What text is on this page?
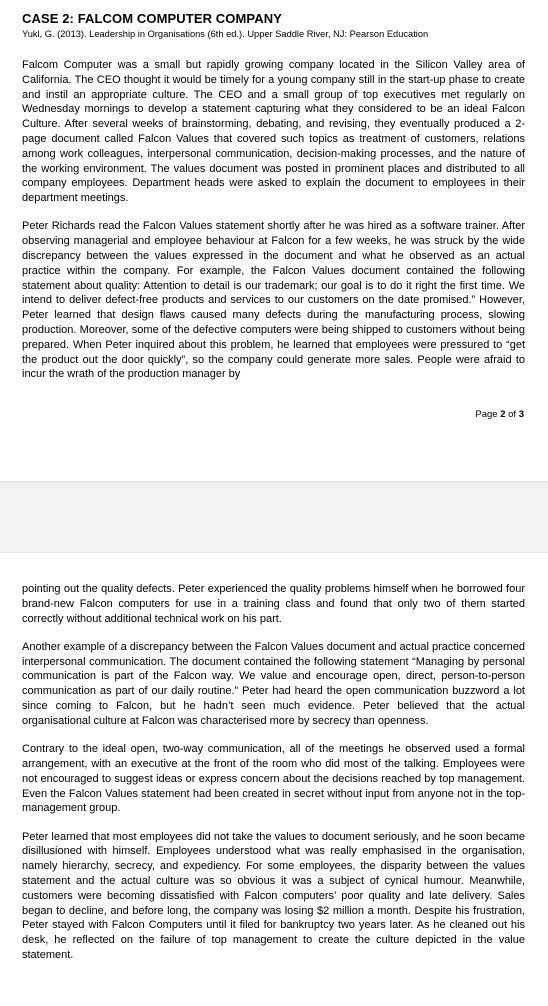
CASE 2: FALCOM COMPUTER COMPANY
Yukl, G. (2013). Leadership in Organisations (6th ed.). Upper Saddle River, NJ: Pearson Education

Falcom Computer was a small but rapidly growing company located in the Silicon Valley area of California. The CEO thought it would be timely for a young company still in the start-up phase to create and instil an appropriate culture. The CEO and a small group of top executives met regularly on Wednesday mornings to develop a statement capturing what they considered to be an ideal Falcon Culture. After several weeks of brainstorming, debating, and revising, they eventually produced a 2-page document called Falcon Values that covered such topics as treatment of customers, relations among work colleagues, interpersonal communication, decision-making processes, and the nature of the working environment. The values document was posted in prominent places and distributed to all company employees. Department heads were asked to explain the document to employees in their department meetings.

Peter Richards read the Falcon Values statement shortly after he was hired as a software trainer. After observing managerial and employee behaviour at Falcon for a few weeks, he was struck by the wide discrepancy between the values expressed in the document and what he observed as an actual practice within the company. For example, the Falcon Values document contained the following statement about quality: Attention to detail is our trademark; our goal is to do it right the first time. We intend to deliver defect-free products and services to our customers on the date promised.” However, Peter learned that design flaws caused many defects during the manufacturing process, slowing production. Moreover, some of the defective computers were being shipped to customers without being prepared. When Peter inquired about this problem, he learned that employees were pressured to “get the product out the door quickly”, so the company could generate more sales. People were afraid to incur the wrath of the production manager by

Page 2 of 3

pointing out the quality defects. Peter experienced the quality problems himself when he borrowed four brand-new Falcon computers for use in a training class and found that only two of them started correctly without additional technical work on his part.

Another example of a discrepancy between the Falcon Values document and actual practice concerned interpersonal communication. The document contained the following statement “Managing by personal communication is part of the Falcon way. We value and encourage open, direct, person-to-person communication as part of our daily routine.” Peter had heard the open communication buzzword a lot since coming to Falcon, but he hadn’t seen much evidence. Peter believed that the actual organisational culture at Falcon was characterised more by secrecy than openness.

Contrary to the ideal open, two-way communication, all of the meetings he observed used a formal arrangement, with an executive at the front of the room who did most of the talking. Employees were not encouraged to suggest ideas or express concern about the decisions reached by top management. Even the Falcon Values statement had been created in secret without input from anyone not in the top-management group.

Peter learned that most employees did not take the values to document seriously, and he soon became disillusioned with himself. Employees understood what was really emphasised in the organisation, namely hierarchy, secrecy, and expediency. For some employees, the disparity between the values statement and the actual culture was so obvious it was a subject of cynical humour. Meanwhile, customers were becoming dissatisfied with Falcon computers’ poor quality and late delivery. Sales began to decline, and before long, the company was losing $2 million a month. Despite his frustration, Peter stayed with Falcon Computers until it filed for bankruptcy two years later. As he cleaned out his desk, he reflected on the failure of top management to create the culture depicted in the value statement.
